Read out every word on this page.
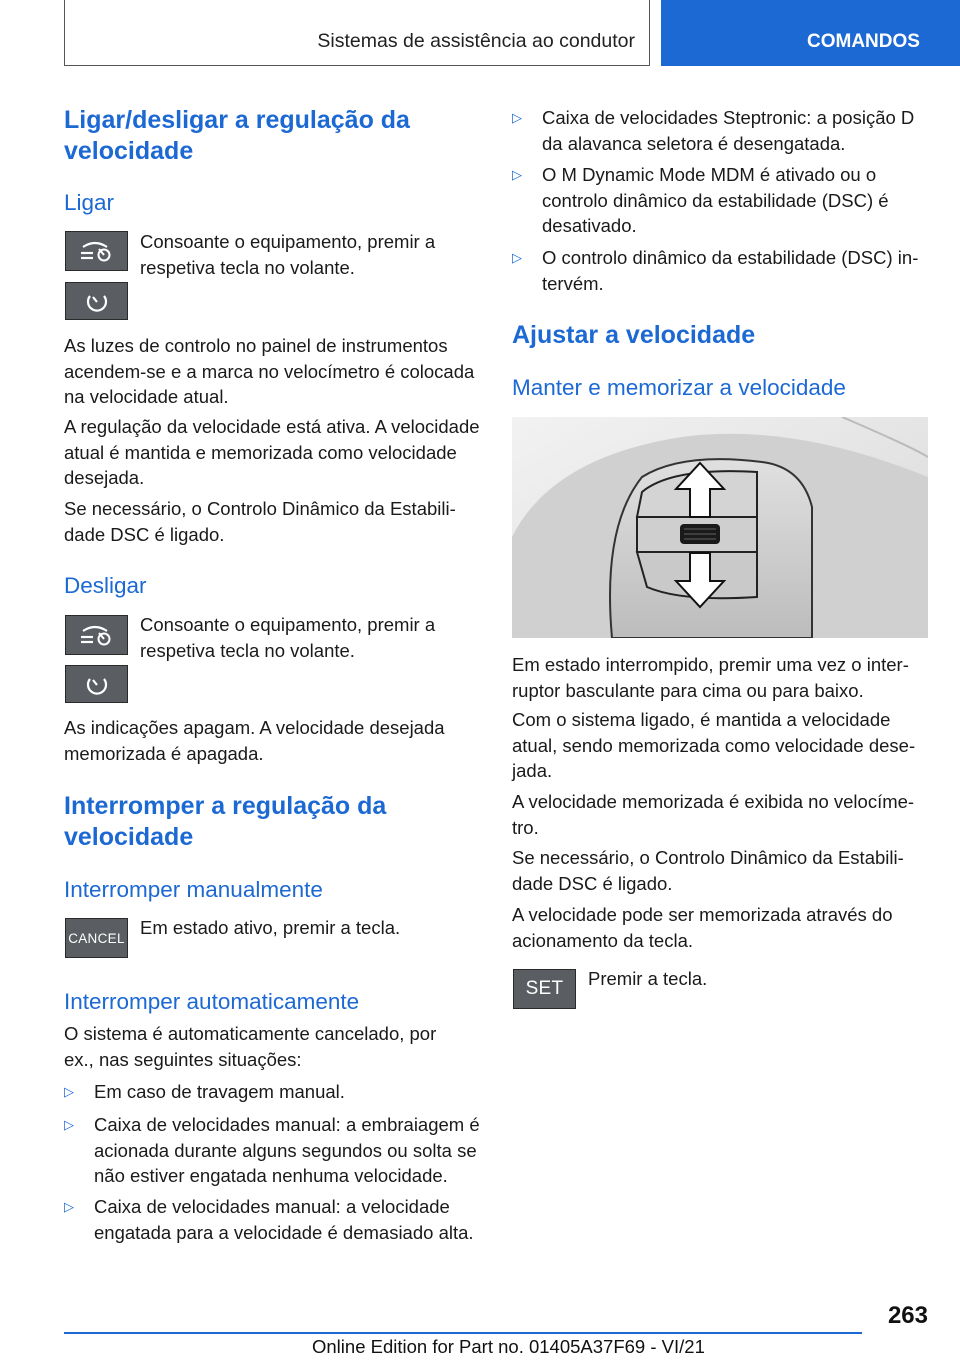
Sistemas de assistência ao condutor	COMANDOS
Ligar/desligar a regulação da velocidade
Ligar
Consoante o equipamento, premir a respetiva tecla no volante.
As luzes de controlo no painel de instrumentos acendem-se e a marca no velocímetro é colocada na velocidade atual.
A regulação da velocidade está ativa. A velocidade atual é mantida e memorizada como velocidade desejada.
Se necessário, o Controlo Dinâmico da Estabilidade DSC é ligado.
Desligar
Consoante o equipamento, premir a respetiva tecla no volante.
As indicações apagam. A velocidade desejada memorizada é apagada.
Interromper a regulação da velocidade
Interromper manualmente
CANCEL Em estado ativo, premir a tecla.
Interromper automaticamente
O sistema é automaticamente cancelado, por ex., nas seguintes situações:
▷ Em caso de travagem manual.
▷ Caixa de velocidades manual: a embraiagem é acionada durante alguns segundos ou solta se não estiver engatada nenhuma velocidade.
▷ Caixa de velocidades manual: a velocidade engatada para a velocidade é demasiado alta.
▷ Caixa de velocidades Steptronic: a posição D da alavanca seletora é desengatada.
▷ O M Dynamic Mode MDM é ativado ou o controlo dinâmico da estabilidade (DSC) é desativado.
▷ O controlo dinâmico da estabilidade (DSC) intervém.
Ajustar a velocidade
Manter e memorizar a velocidade
Em estado interrompido, premir uma vez o interruptor basculante para cima ou para baixo.
Com o sistema ligado, é mantida a velocidade atual, sendo memorizada como velocidade desejada.
A velocidade memorizada é exibida no velocímetro.
Se necessário, o Controlo Dinâmico da Estabilidade DSC é ligado.
A velocidade pode ser memorizada através do acionamento da tecla.
SET Premir a tecla.
263
Online Edition for Part no. 01405A37F69 - VI/21
